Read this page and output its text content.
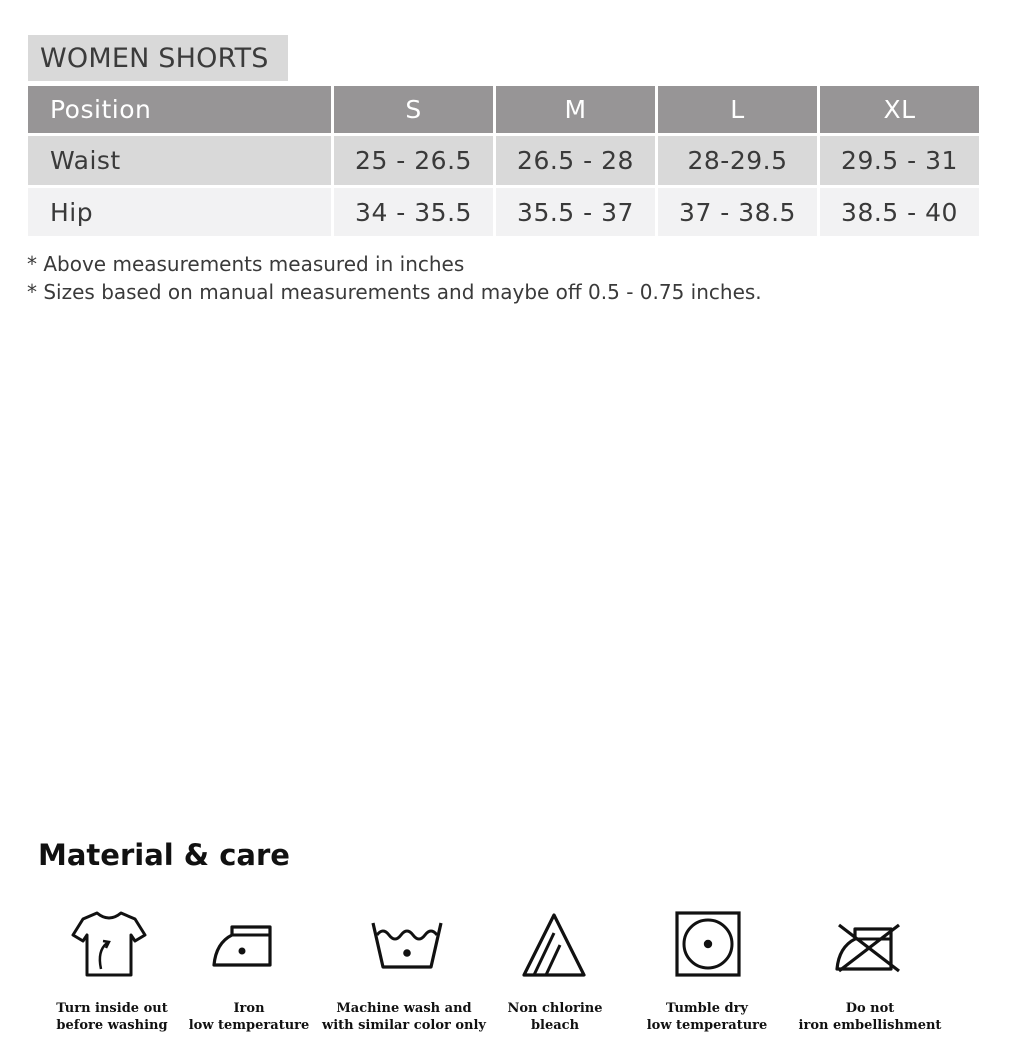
WOMEN SHORTS
Position	S	M	L	XL
Waist	25 - 26.5	26.5 - 28	28-29.5	29.5 - 31
Hip	34 - 35.5	35.5 - 37	37 - 38.5	38.5 - 40
* Above measurements measured in inches
* Sizes based on manual measurements and maybe off 0.5 - 0.75 inches.
Material & care
Turn inside out
before washing
Iron
low temperature
Machine wash and
with similar color only
Non chlorine
bleach
Tumble dry
low temperature
Do not
iron embellishment
